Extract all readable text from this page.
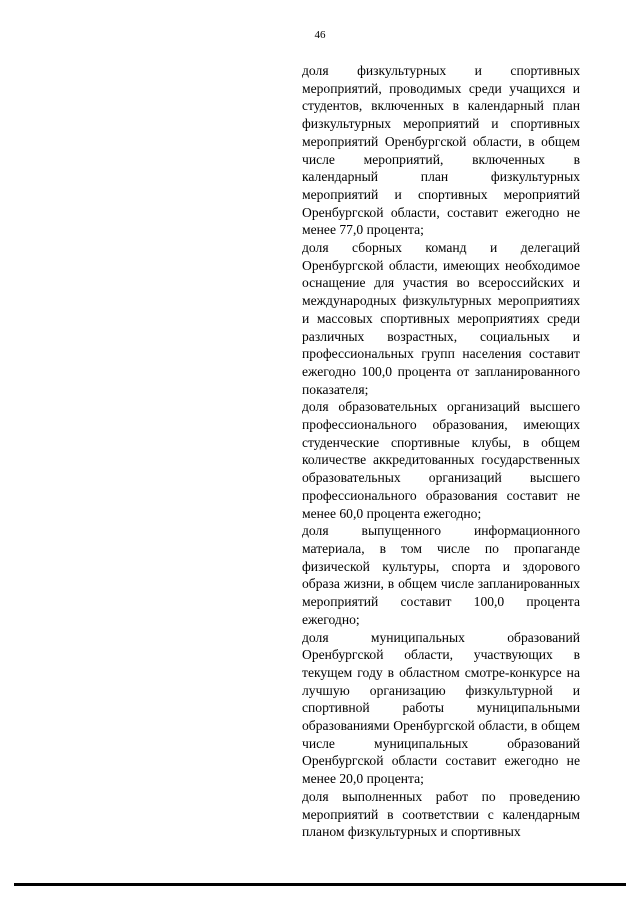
46

доля физкультурных и спортивных мероприятий, проводимых среди учащихся и студентов, включенных в календарный план физкультурных мероприятий и спортивных мероприятий Оренбургской области, в общем числе мероприятий, включенных в календарный план физкультурных мероприятий и спортивных мероприятий Оренбургской области, составит ежегодно не менее 77,0 процента;

доля сборных команд и делегаций Оренбургской области, имеющих необходимое оснащение для участия во всероссийских и международных физкультурных мероприятиях и массовых спортивных мероприятиях среди различных возрастных, социальных и профессиональных групп населения составит ежегодно 100,0 процента от запланированного показателя;

доля образовательных организаций высшего профессионального образования, имеющих студенческие спортивные клубы, в общем количестве аккредитованных государственных образовательных организаций высшего профессионального образования составит не менее 60,0 процента ежегодно;

доля выпущенного информационного материала, в том числе по пропаганде физической культуры, спорта и здорового образа жизни, в общем числе запланированных мероприятий составит 100,0 процента ежегодно;

доля муниципальных образований Оренбургской области, участвующих в текущем году в областном смотре-конкурсе на лучшую организацию физкультурной и спортивной работы муниципальными образованиями Оренбургской области, в общем числе муниципальных образований Оренбургской области составит ежегодно не менее 20,0 процента;

доля выполненных работ по проведению мероприятий в соответствии с календарным планом физкультурных и спортивных
